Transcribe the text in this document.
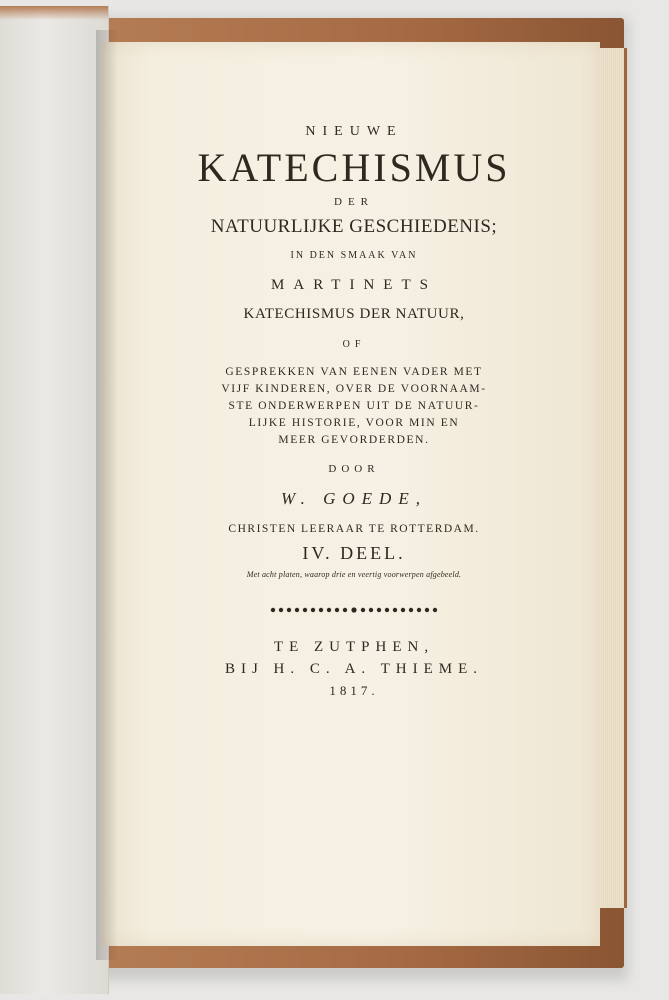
NIEUWE
KATECHISMUS
DER
NATUURLIJKE GESCHIEDENIS;
IN DEN SMAAK VAN
MARTINETS
KATECHISMUS DER NATUUR,
OF
GESPREKKEN VAN EENEN VADER MET
VIJF KINDEREN, OVER DE VOORNAAM-
STE ONDERWERPEN UIT DE NATUUR-
LIJKE HISTORIE, VOOR MIN EN
MEER GEVORDERDEN.
DOOR
W. GOEDE,
CHRISTEN LEERAAR TE ROTTERDAM.
IV. DEEL.
Met acht platen, waarop drie en veertig voorwerpen afgebeeld.
TE ZUTPHEN,
BIJ H. C. A. THIEME.
1817.
